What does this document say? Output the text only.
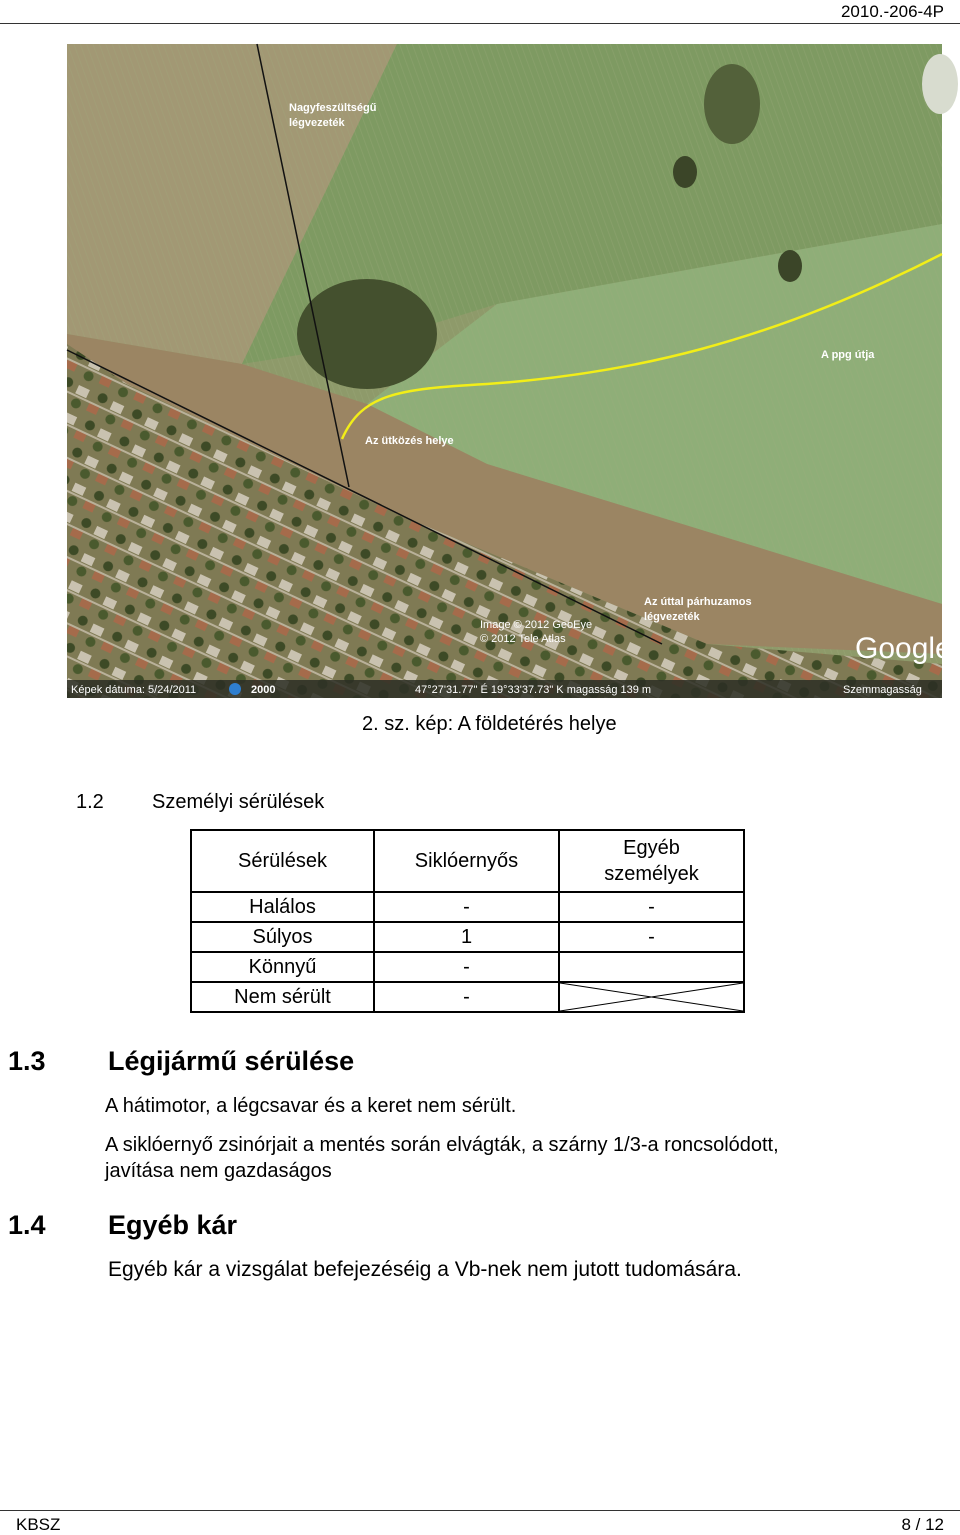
2010.-206-4P
Nagyfeszültségű
légvezeték
A ppg útja
Az ütközés helye
Az úttal párhuzamos
légvezeték
Image © 2012 GeoEye
© 2012 Tele Atlas	Google
Képek dátuma: 5/24/2011	2000	47°27'31.77" É 19°33'37.73" K magasság 139 m	Szemmagasság
2. sz. kép: A földetérés helye
1.2 Személyi sérülések
Sérülések	Siklóernyős	Egyéb személyek
Halálos	-	-
Súlyos	1	-
Könnyű	-	
Nem sérült	-	
1.3 Légijármű sérülése
A hátimotor, a légcsavar és a keret nem sérült.
A siklóernyő zsinórjait a mentés során elvágták, a szárny 1/3-a roncsolódott,
javítása nem gazdaságos
1.4 Egyéb kár
Egyéb kár a vizsgálat befejezéséig a Vb-nek nem jutott tudomására.
KBSZ	8 / 12
